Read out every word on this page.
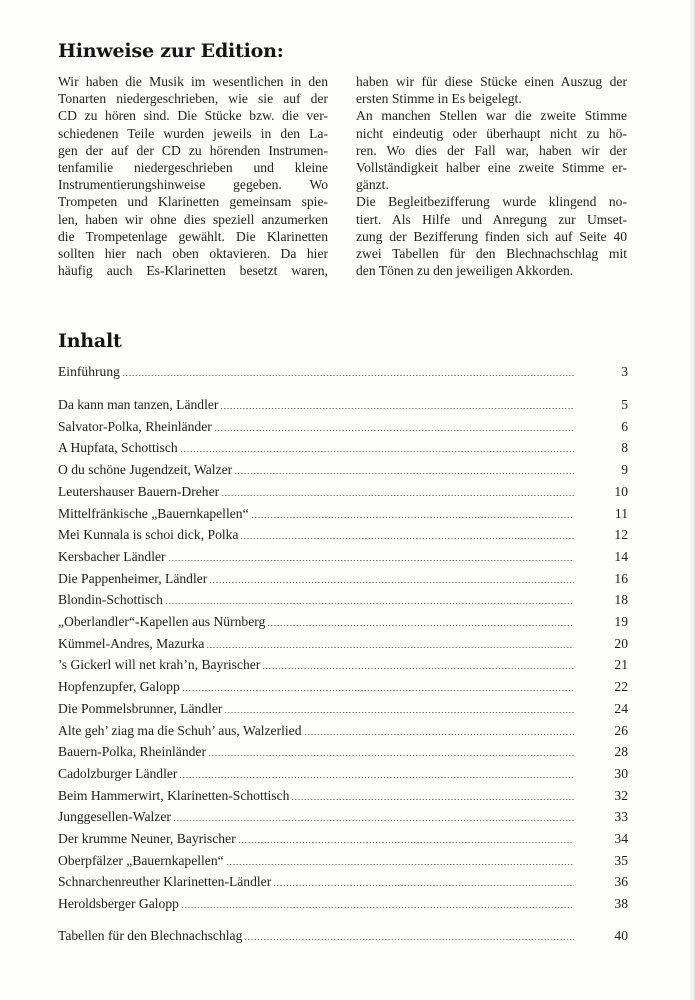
Hinweise zur Edition:
Wir haben die Musik im wesentlichen in den
Tonarten niedergeschrieben, wie sie auf der
CD zu hören sind. Die Stücke bzw. die ver-
schiedenen Teile wurden jeweils in den La-
gen der auf der CD zu hörenden Instrumen-
tenfamilie niedergeschrieben und kleine
Instrumentierungshinweise gegeben. Wo
Trompeten und Klarinetten gemeinsam spie-
len, haben wir ohne dies speziell anzumerken
die Trompetenlage gewählt. Die Klarinetten
sollten hier nach oben oktavieren. Da hier
häufig auch Es-Klarinetten besetzt waren,

haben wir für diese Stücke einen Auszug der
ersten Stimme in Es beigelegt.

An manchen Stellen war die zweite Stimme
nicht eindeutig oder überhaupt nicht zu hö-
ren. Wo dies der Fall war, haben wir der
Vollständigkeit halber eine zweite Stimme er-
gänzt.

Die Begleitbezifferung wurde klingend no-
tiert. Als Hilfe und Anregung zur Umset-
zung der Bezifferung finden sich auf Seite 40
zwei Tabellen für den Blechnachschlag mit
den Tönen zu den jeweiligen Akkorden.

Inhalt
Einführung	3
Da kann man tanzen, Ländler	5
Salvator-Polka, Rheinländer	6
A Hupfata, Schottisch	8
O du schöne Jugendzeit, Walzer	9
Leutershauser Bauern-Dreher	10
Mittelfränkische „Bauernkapellen“	11
Mei Kunnala is schoi dick, Polka	12
Kersbacher Ländler	14
Die Pappenheimer, Ländler	16
Blondin-Schottisch	18
„Oberlandler“-Kapellen aus Nürnberg	19
Kümmel-Andres, Mazurka	20
’s Gickerl will net krah’n, Bayrischer	21
Hopfenzupfer, Galopp	22
Die Pommelsbrunner, Ländler	24
Alte geh’ ziag ma die Schuh’ aus, Walzerlied	26
Bauern-Polka, Rheinländer	28
Cadolzburger Ländler	30
Beim Hammerwirt, Klarinetten-Schottisch	32
Junggesellen-Walzer	33
Der krumme Neuner, Bayrischer	34
Oberpfälzer „Bauernkapellen“	35
Schnarchenreuther Klarinetten-Ländler	36
Heroldsberger Galopp	38
Tabellen für den Blechnachschlag	40
